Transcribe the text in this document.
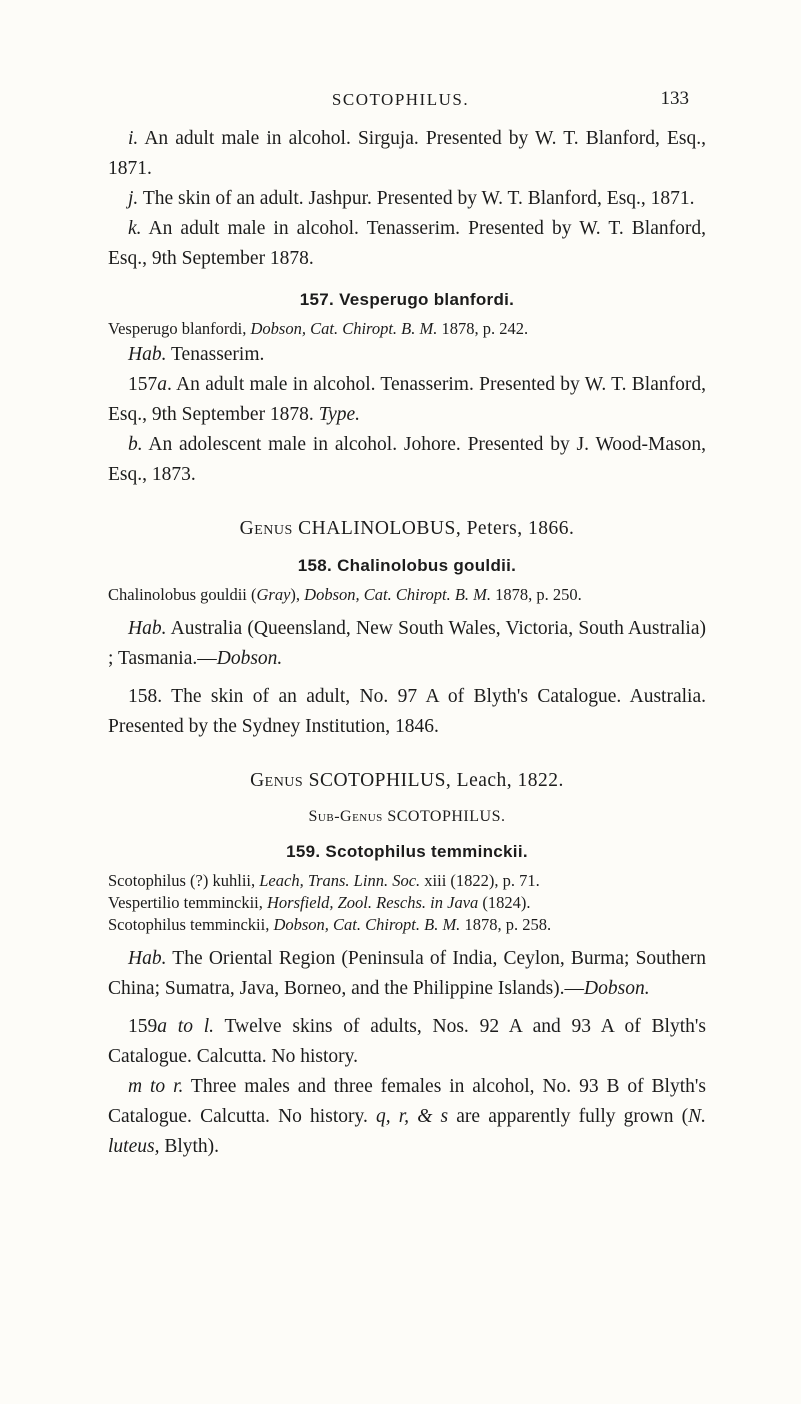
SCOTOPHILUS.	133

i. An adult male in alcohol. Sirguja. Presented by W. T. Blanford, Esq., 1871.

j. The skin of an adult. Jashpur. Presented by W. T. Blanford, Esq., 1871.

k. An adult male in alcohol. Tenasserim. Presented by W. T. Blanford, Esq., 9th September 1878.

157. Vesperugo blanfordi.

Vesperugo blanfordi, Dobson, Cat. Chiropt. B. M. 1878, p. 242.

Hab. Tenasserim.

157a. An adult male in alcohol. Tenasserim. Presented by W. T. Blanford, Esq., 9th September 1878. Type.

b. An adolescent male in alcohol. Johore. Presented by J. Wood-Mason, Esq., 1873.

Genus CHALINOLOBUS, Peters, 1866.

158. Chalinolobus gouldii.

Chalinolobus gouldii (Gray), Dobson, Cat. Chiropt. B. M. 1878, p. 250.

Hab. Australia (Queensland, New South Wales, Victoria, South Australia) ; Tasmania.—Dobson.

158. The skin of an adult, No. 97 A of Blyth's Catalogue. Australia. Presented by the Sydney Institution, 1846.

Genus SCOTOPHILUS, Leach, 1822.

Sub-Genus SCOTOPHILUS.

159. Scotophilus temminckii.

Scotophilus (?) kuhlii, Leach, Trans. Linn. Soc. xiii (1822), p. 71.

Vespertilio temminckii, Horsfield, Zool. Reschs. in Java (1824).

Scotophilus temminckii, Dobson, Cat. Chiropt. B. M. 1878, p. 258.

Hab. The Oriental Region (Peninsula of India, Ceylon, Burma; Southern China; Sumatra, Java, Borneo, and the Philippine Islands).—Dobson.

159a to l. Twelve skins of adults, Nos. 92 A and 93 A of Blyth's Catalogue. Calcutta. No history.

m to r. Three males and three females in alcohol, No. 93 B of Blyth's Catalogue. Calcutta. No history. q, r, & s are apparently fully grown (N. luteus, Blyth).
